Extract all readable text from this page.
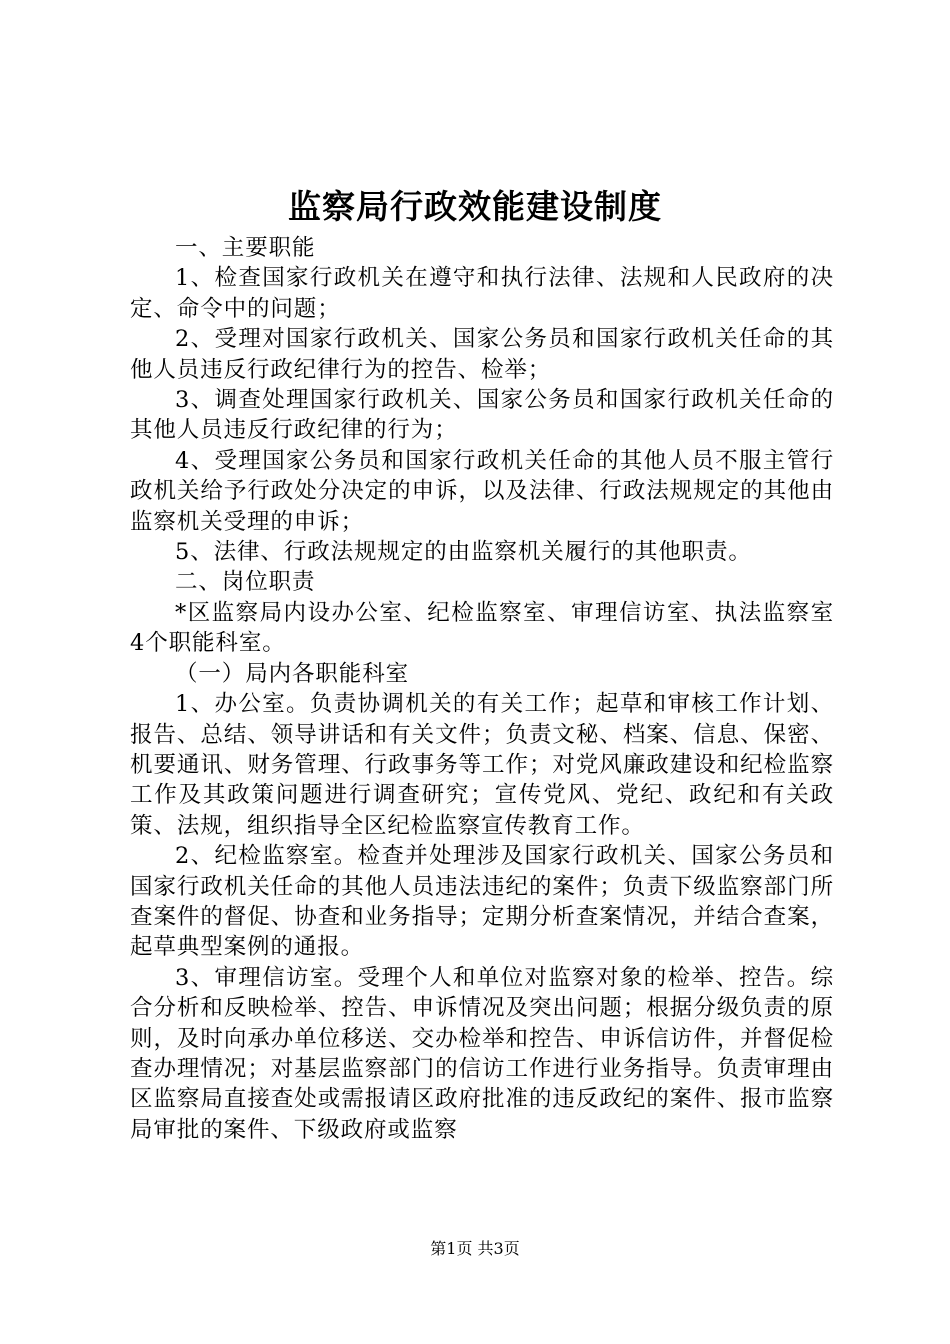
监察局行政效能建设制度

一、主要职能

1、检查国家行政机关在遵守和执行法律、法规和人民政府的决定、命令中的问题；

2、受理对国家行政机关、国家公务员和国家行政机关任命的其他人员违反行政纪律行为的控告、检举；

3、调查处理国家行政机关、国家公务员和国家行政机关任命的其他人员违反行政纪律的行为；

4、受理国家公务员和国家行政机关任命的其他人员不服主管行政机关给予行政处分决定的申诉，以及法律、行政法规规定的其他由监察机关受理的申诉；

5、法律、行政法规规定的由监察机关履行的其他职责。

二、岗位职责

*区监察局内设办公室、纪检监察室、审理信访室、执法监察室4个职能科室。

（一）局内各职能科室

1、办公室。负责协调机关的有关工作；起草和审核工作计划、报告、总结、领导讲话和有关文件；负责文秘、档案、信息、保密、机要通讯、财务管理、行政事务等工作；对党风廉政建设和纪检监察工作及其政策问题进行调查研究；宣传党风、党纪、政纪和有关政策、法规，组织指导全区纪检监察宣传教育工作。

2、纪检监察室。检查并处理涉及国家行政机关、国家公务员和国家行政机关任命的其他人员违法违纪的案件；负责下级监察部门所查案件的督促、协查和业务指导；定期分析查案情况，并结合查案，起草典型案例的通报。

3、审理信访室。受理个人和单位对监察对象的检举、控告。综合分析和反映检举、控告、申诉情况及突出问题；根据分级负责的原则，及时向承办单位移送、交办检举和控告、申诉信访件，并督促检查办理情况；对基层监察部门的信访工作进行业务指导。负责审理由区监察局直接查处或需报请区政府批准的违反政纪的案件、报市监察局审批的案件、下级政府或监察

第1页 共3页
